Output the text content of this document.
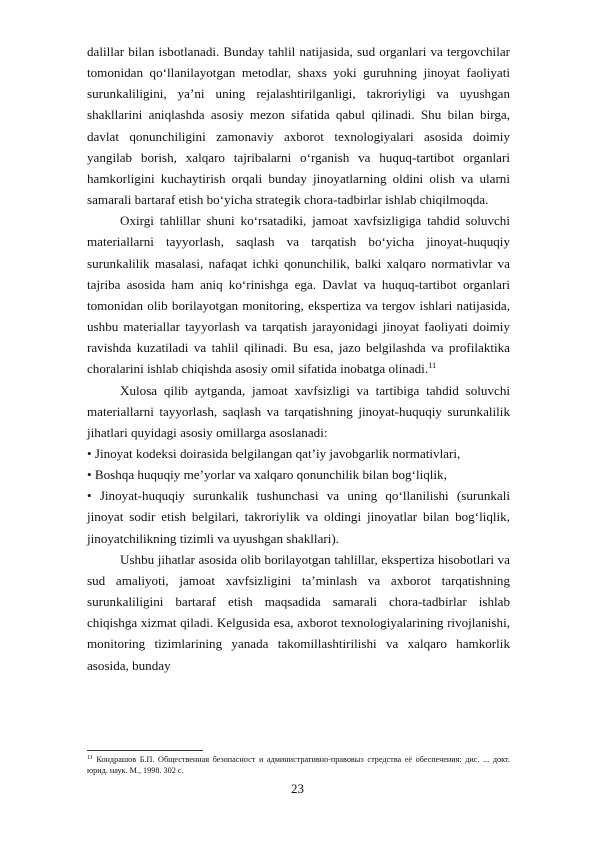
dalillar bilan isbotlanadi. Bunday tahlil natijasida, sud organlari va tergovchilar tomonidan qo‘llanilayotgan metodlar, shaxs yoki guruhning jinoyat faoliyati surunkaliligini, ya’ni uning rejalashtirilganligi, takroriyligi va uyushgan shakllarini aniqlashda asosiy mezon sifatida qabul qilinadi. Shu bilan birga, davlat qonunchiligini zamonaviy axborot texnologiyalari asosida doimiy yangilab borish, xalqaro tajribalarni o‘rganish va huquq-tartibot organlari hamkorligini kuchaytirish orqali bunday jinoyatlarning oldini olish va ularni samarali bartaraf etish bo‘yicha strategik chora-tadbirlar ishlab chiqilmoqda.

Oxirgi tahlillar shuni ko‘rsatadiki, jamoat xavfsizligiga tahdid soluvchi materiallarni tayyorlash, saqlash va tarqatish bo‘yicha jinoyat-huquqiy surunkalilik masalasi, nafaqat ichki qonunchilik, balki xalqaro normativlar va tajriba asosida ham aniq ko‘rinishga ega. Davlat va huquq-tartibot organlari tomonidan olib borilayotgan monitoring, ekspertiza va tergov ishlari natijasida, ushbu materiallar tayyorlash va tarqatish jarayonidagi jinoyat faoliyati doimiy ravishda kuzatiladi va tahlil qilinadi. Bu esa, jazo belgilashda va profilaktika choralarini ishlab chiqishda asosiy omil sifatida inobatga olinadi.$^{11}$

Xulosa qilib aytganda, jamoat xavfsizligi va tartibiga tahdid soluvchi materiallarni tayyorlash, saqlash va tarqatishning jinoyat-huquqiy surunkalilik jihatlari quyidagi asosiy omillarga asoslanadi:

• Jinoyat kodeksi doirasida belgilangan qat’iy javobgarlik normativlari,

• Boshqa huquqiy me’yorlar va xalqaro qonunchilik bilan bog‘liqlik,

• Jinoyat-huquqiy surunkalik tushunchasi va uning qo‘llanilishi (surunkali jinoyat sodir etish belgilari, takroriylik va oldingi jinoyatlar bilan bog‘liqlik, jinoyatchilikning tizimli va uyushgan shakllari).

Ushbu jihatlar asosida olib borilayotgan tahlillar, ekspertiza hisobotlari va sud amaliyoti, jamoat xavfsizligini ta’minlash va axborot tarqatishning surunkaliligini bartaraf etish maqsadida samarali chora-tadbirlar ishlab chiqishga xizmat qiladi. Kelgusida esa, axborot texnologiyalarining rivojlanishi, monitoring tizimlarining yanada takomillashtirilishi va xalqaro hamkorlik asosida, bunday

$^{11}$ Кондрашов Б.П. Общественная безопасност и административно-правовыэ стредства её обеспечения: дис. ... докт. юрид. наук. М., 1998. 302 с.
23
